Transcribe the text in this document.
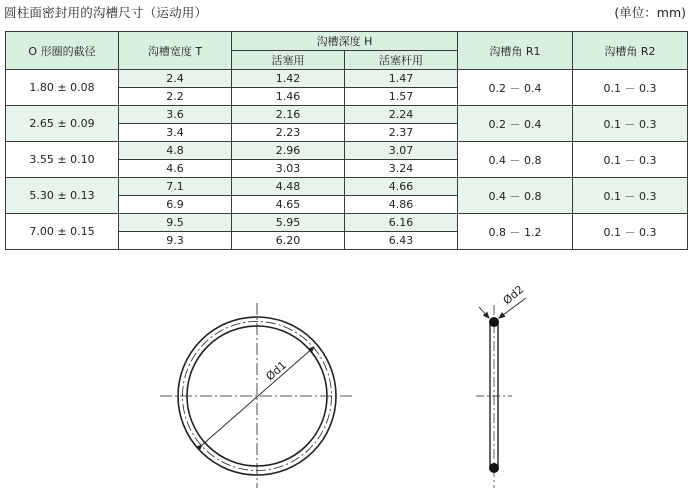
圆柱面密封用的沟槽尺寸（运动用）	(单位：mm)
O 形圈的截径	沟槽宽度 T	沟槽深度 H		沟槽角 R1	沟槽角 R2
		活塞用	活塞杆用		
1.80 ± 0.08	2.4	1.42	1.47	0.2 － 0.4	0.1 － 0.3
	2.2	1.46	1.57		
2.65 ± 0.09	3.6	2.16	2.24	0.2 － 0.4	0.1 － 0.3
	3.4	2.23	2.37		
3.55 ± 0.10	4.8	2.96	3.07	0.4 － 0.8	0.1 － 0.3
	4.6	3.03	3.24		
5.30 ± 0.13	7.1	4.48	4.66	0.4 － 0.8	0.1 － 0.3
	6.9	4.65	4.86		
7.00 ± 0.15	9.5	5.95	6.16	0.8 － 1.2	0.1 － 0.3
	9.3	6.20	6.43		
Ød1
Ød2
